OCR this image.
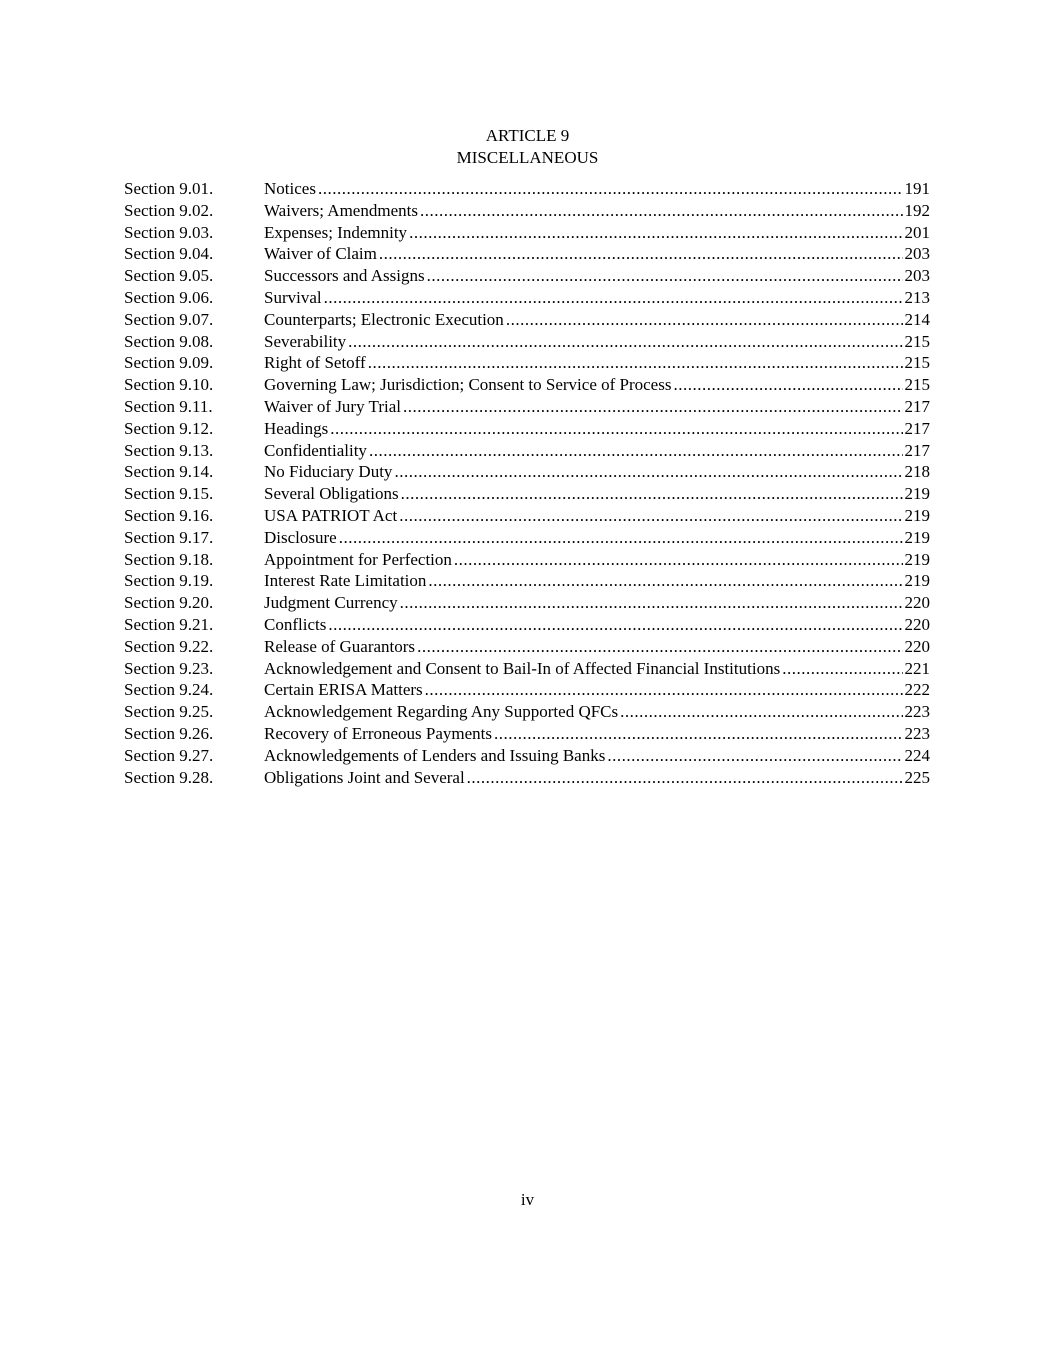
ARTICLE 9
MISCELLANEOUS
Section 9.01.	Notices .....	191
Section 9.02.	Waivers; Amendments .....	192
Section 9.03.	Expenses; Indemnity .....	201
Section 9.04.	Waiver of Claim .....	203
Section 9.05.	Successors and Assigns .....	203
Section 9.06.	Survival .....	213
Section 9.07.	Counterparts; Electronic Execution .....	214
Section 9.08.	Severability .....	215
Section 9.09.	Right of Setoff .....	215
Section 9.10.	Governing Law; Jurisdiction; Consent to Service of Process .....	215
Section 9.11.	Waiver of Jury Trial .....	217
Section 9.12.	Headings .....	217
Section 9.13.	Confidentiality .....	217
Section 9.14.	No Fiduciary Duty .....	218
Section 9.15.	Several Obligations .....	219
Section 9.16.	USA PATRIOT Act .....	219
Section 9.17.	Disclosure .....	219
Section 9.18.	Appointment for Perfection .....	219
Section 9.19.	Interest Rate Limitation .....	219
Section 9.20.	Judgment Currency .....	220
Section 9.21.	Conflicts .....	220
Section 9.22.	Release of Guarantors .....	220
Section 9.23.	Acknowledgement and Consent to Bail-In of Affected Financial Institutions .....	221
Section 9.24.	Certain ERISA Matters .....	222
Section 9.25.	Acknowledgement Regarding Any Supported QFCs .....	223
Section 9.26.	Recovery of Erroneous Payments .....	223
Section 9.27.	Acknowledgements of Lenders and Issuing Banks .....	224
Section 9.28.	Obligations Joint and Several .....	225
iv
